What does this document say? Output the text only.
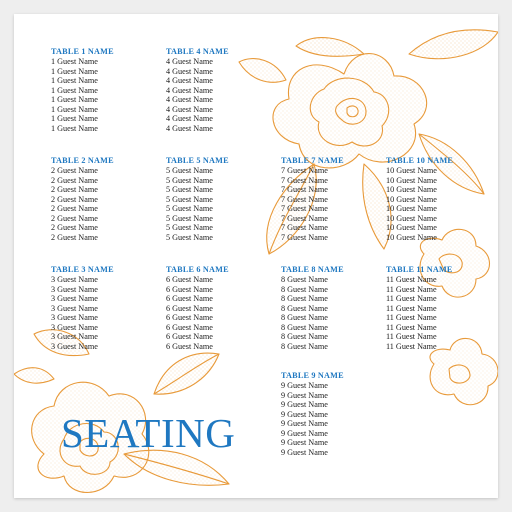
TABLE 1 NAME
1 Guest Name
1 Guest Name
1 Guest Name
1 Guest Name
1 Guest Name
1 Guest Name
1 Guest Name
1 Guest Name
TABLE 4 NAME
4 Guest Name
4 Guest Name
4 Guest Name
4 Guest Name
4 Guest Name
4 Guest Name
4 Guest Name
4 Guest Name
TABLE 2 NAME
2 Guest Name
2 Guest Name
2 Guest Name
2 Guest Name
2 Guest Name
2 Guest Name
2 Guest Name
2 Guest Name
TABLE 5 NAME
5 Guest Name
5 Guest Name
5 Guest Name
5 Guest Name
5 Guest Name
5 Guest Name
5 Guest Name
5 Guest Name
TABLE 7 NAME
7 Guest Name
7 Guest Name
7 Guest Name
7 Guest Name
7 Guest Name
7 Guest Name
7 Guest Name
7 Guest Name
TABLE 10 NAME
10 Guest Name
10 Guest Name
10 Guest Name
10 Guest Name
10 Guest Name
10 Guest Name
10 Guest Name
10 Guest Name
TABLE 3 NAME
3 Guest Name
3 Guest Name
3 Guest Name
3 Guest Name
3 Guest Name
3 Guest Name
3 Guest Name
3 Guest Name
TABLE 6 NAME
6 Guest Name
6 Guest Name
6 Guest Name
6 Guest Name
6 Guest Name
6 Guest Name
6 Guest Name
6 Guest Name
TABLE 8 NAME
8 Guest Name
8 Guest Name
8 Guest Name
8 Guest Name
8 Guest Name
8 Guest Name
8 Guest Name
8 Guest Name
TABLE 11 NAME
11 Guest Name
11 Guest Name
11 Guest Name
11 Guest Name
11 Guest Name
11 Guest Name
11 Guest Name
11 Guest Name
TABLE 9 NAME
9 Guest Name
9 Guest Name
9 Guest Name
9 Guest Name
9 Guest Name
9 Guest Name
9 Guest Name
9 Guest Name
SEATING
